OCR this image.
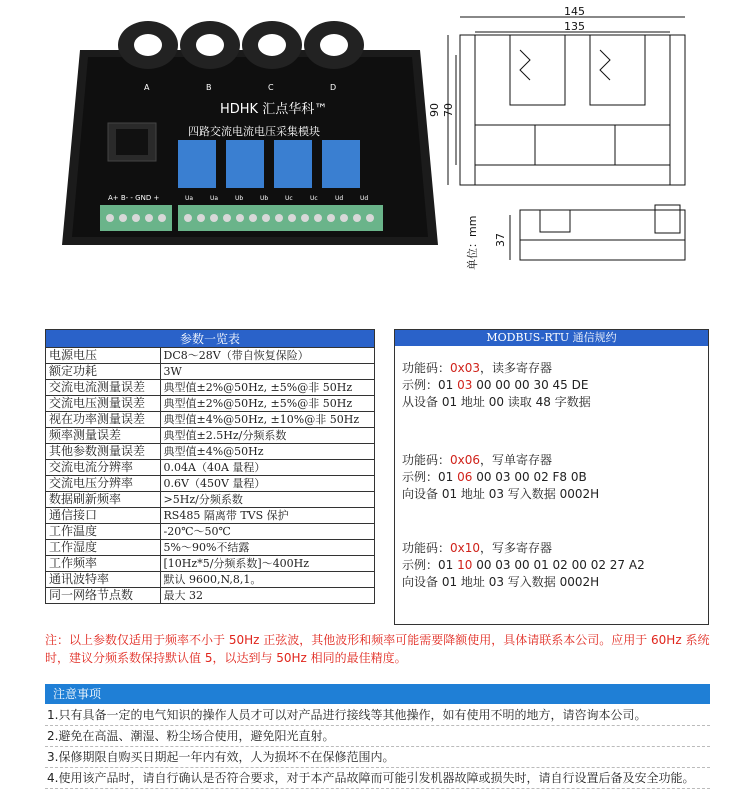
A	B	C	D
HDHK 汇点华科™
四路交流电流电压采集模块
A+ B- - GND +	Ua	Ua	Ub	Ub	Uc	Uc	Ud	Ud
145
135
90 70
37
单位：mm
参数一览表	
电源电压	DC8～28V（带自恢复保险）
额定功耗	3W
交流电流测量误差	典型值±2%@50Hz, ±5%@非 50Hz
交流电压测量误差	典型值±2%@50Hz, ±5%@非 50Hz
视在功率测量误差	典型值±4%@50Hz, ±10%@非 50Hz
频率测量误差	典型值±2.5Hz/分频系数
其他参数测量误差	典型值±4%@50Hz
交流电流分辨率	0.04A（40A 量程）
交流电压分辨率	0.6V（450V 量程）
数据刷新频率	>5Hz/分频系数
通信接口	RS485 隔离带 TVS 保护
工作温度	-20℃～50℃
工作湿度	5%～90%不结露
工作频率	[10Hz*5/分频系数]～400Hz
通讯波特率	默认 9600,N,8,1。
同一网络节点数	最大 32
MODBUS-RTU 通信规约
功能码：0x03，读多寄存器
示例：01 03 00 00 00 30 45 DE
从设备 01 地址 00 读取 48 字数据
功能码：0x06，写单寄存器
示例：01 06 00 03 00 02 F8 0B
向设备 01 地址 03 写入数据 0002H
功能码：0x10，写多寄存器
示例：01 10 00 03 00 01 02 00 02 27 A2
向设备 01 地址 03 写入数据 0002H
注：以上参数仅适用于频率不小于 50Hz 正弦波，其他波形和频率可能需要降额使用，具体请联系本公司。应用于 60Hz 系统时，建议分频系数保持默认值 5，以达到与 50Hz 相同的最佳精度。
注意事项
1.只有具备一定的电气知识的操作人员才可以对产品进行接线等其他操作，如有使用不明的地方，请咨询本公司。
2.避免在高温、潮湿、粉尘场合使用，避免阳光直射。
3.保修期限自购买日期起一年内有效，人为损坏不在保修范围内。
4.使用该产品时，请自行确认是否符合要求，对于本产品故障而可能引发机器故障或损失时，请自行设置后备及安全功能。
